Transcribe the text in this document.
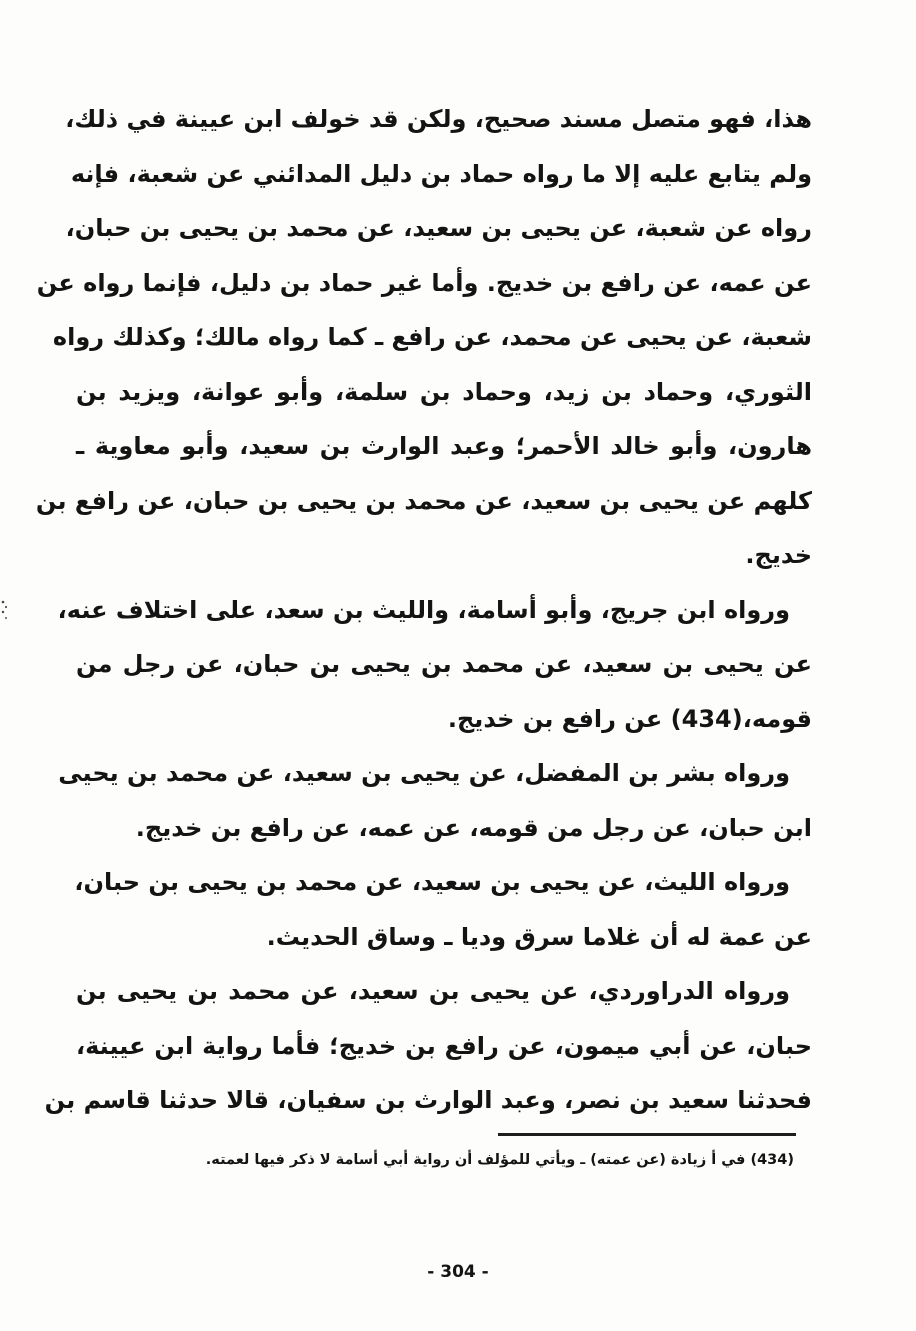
هذا، فهو متصل مسند صحيح، ولكن قد خولف ابن عيينة في ذلك،
ولم يتابع عليه إلا ما رواه حماد بن دليل المدائني عن شعبة، فإنه
رواه عن شعبة، عن يحيى بن سعيد، عن محمد بن يحيى بن حبان،
عن عمه، عن رافع بن خديج. وأما غير حماد بن دليل، فإنما رواه عن
شعبة، عن يحيى عن محمد، عن رافع ـ كما رواه مالك؛ وكذلك رواه
الثوري، وحماد بن زيد، وحماد بن سلمة، وأبو عوانة، ويزيد بن
هارون، وأبو خالد الأحمر؛ وعبد الوارث بن سعيد، وأبو معاوية ـ
كلهم عن يحيى بن سعيد، عن محمد بن يحيى بن حبان، عن رافع بن
خديج.
ورواه ابن جريج، وأبو أسامة، والليث بن سعد، على اختلاف عنه،
عن يحيى بن سعيد، عن محمد بن يحيى بن حبان، عن رجل من
قومه،(434) عن رافع بن خديج.
ورواه بشر بن المفضل، عن يحيى بن سعيد، عن محمد بن يحيى
ابن حبان، عن رجل من قومه، عن عمه، عن رافع بن خديج.
ورواه الليث، عن يحيى بن سعيد، عن محمد بن يحيى بن حبان،
عن عمة له أن غلاما سرق وديا ـ وساق الحديث.
ورواه الدراوردي، عن يحيى بن سعيد، عن محمد بن يحيى بن
حبان، عن أبي ميمون، عن رافع بن خديج؛ فأما رواية ابن عيينة،
فحدثنا سعيد بن نصر، وعبد الوارث بن سفيان، قالا حدثنا قاسم بن
(434) في أ زيادة (عن عمته) ـ ويأتي للمؤلف أن رواية أبي أسامة لا ذكر فيها لعمته.
- 304 -
